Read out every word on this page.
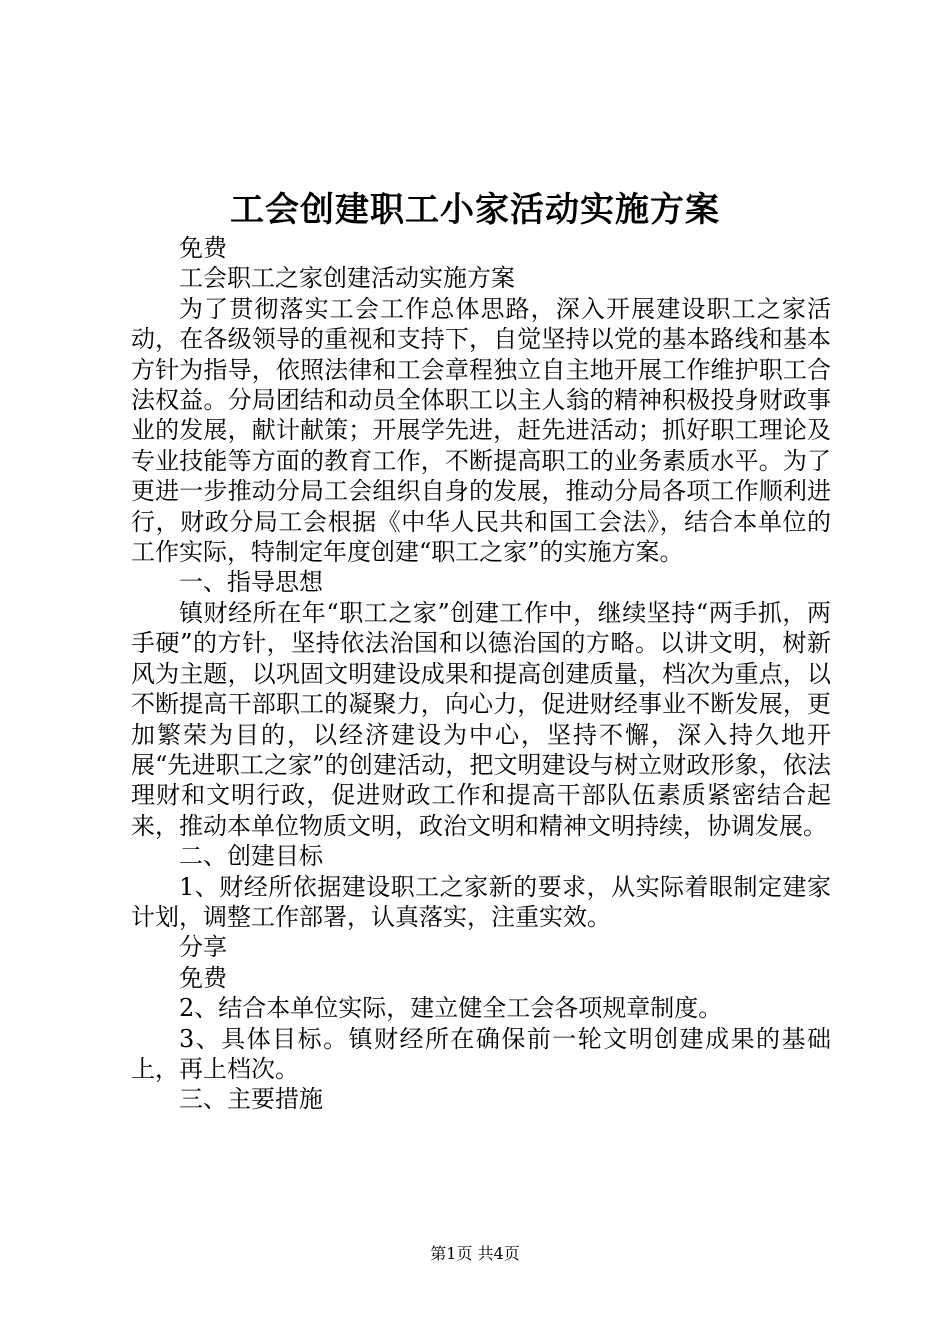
工会创建职工小家活动实施方案

免费

工会职工之家创建活动实施方案

为了贯彻落实工会工作总体思路，深入开展建设职工之家活动，在各级领导的重视和支持下，自觉坚持以党的基本路线和基本方针为指导，依照法律和工会章程独立自主地开展工作维护职工合法权益。分局团结和动员全体职工以主人翁的精神积极投身财政事业的发展，献计献策；开展学先进，赶先进活动；抓好职工理论及专业技能等方面的教育工作，不断提高职工的业务素质水平。为了更进一步推动分局工会组织自身的发展，推动分局各项工作顺利进行，财政分局工会根据《中华人民共和国工会法》，结合本单位的工作实际，特制定年度创建“职工之家”的实施方案。

一、指导思想

镇财经所在年“职工之家”创建工作中，继续坚持“两手抓，两手硬”的方针，坚持依法治国和以德治国的方略。以讲文明，树新风为主题，以巩固文明建设成果和提高创建质量，档次为重点，以不断提高干部职工的凝聚力，向心力，促进财经事业不断发展，更加繁荣为目的，以经济建设为中心，坚持不懈，深入持久地开展“先进职工之家”的创建活动，把文明建设与树立财政形象，依法理财和文明行政，促进财政工作和提高干部队伍素质紧密结合起来，推动本单位物质文明，政治文明和精神文明持续，协调发展。

二、创建目标

1、财经所依据建设职工之家新的要求，从实际着眼制定建家计划，调整工作部署，认真落实，注重实效。

分享

免费

2、结合本单位实际，建立健全工会各项规章制度。

3、具体目标。镇财经所在确保前一轮文明创建成果的基础上，再上档次。

三、主要措施

第1页 共4页
